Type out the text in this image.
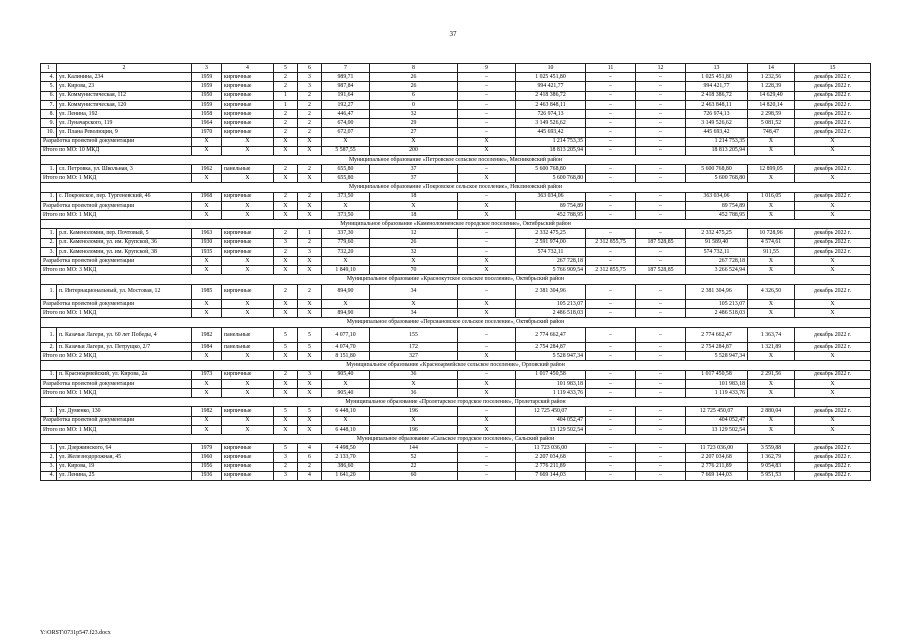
37
1	2	3	4	5	6	7	8	9	10	11	12	13	14	15
4.	ул. Калинина, 234	1959	кирпичные	2	3	989,71	26	–	1 025 451,80	–	–	1 025 451,80	1 232,56	декабрь 2022 г.
5.	ул. Кирова, 23	1959	кирпичные	2	3	987,84	26	–	994 421,77	–	–	994 421,77	1 228,39	декабрь 2022 г.
6.	ул. Коммунистическая, 112	1950	кирпичные	1	2	191,64	6	–	2 418 386,72	–	–	2 418 386,72	14 629,40	декабрь 2022 г.
7.	ул. Коммунистическая, 120	1959	кирпичные	1	2	192,27	0	–	2 463 848,11	–	–	2 463 848,11	14 820,14	декабрь 2022 г.
8.	ул. Ленина, 192	1958	кирпичные	2	2	446,47	32	–	726 974,13	–	–	726 974,13	2 298,59	декабрь 2022 г.
9.	ул. Луначарского, 119	1964	кирпичные	2	2	674,00	29	–	3 149 526,62	–	–	3 149 526,62	5 081,52	декабрь 2022 г.
10.	ул. Плана Революции, 9	1970	кирпичные	2	2	672,07	27	–	445 693,42	–	–	445 693,42	748,47	декабрь 2022 г.
Разработка проектной документации		X	X	X	X	X	X	X	1 214 753,35	–	–	1 214 753,35	X	X
Итого по МО: 10 МКД		X	X	X	X	5 587,55	200	X	18 813 205,94	–	–	18 813 205,94	X	X
Муниципальное образование «Петровское сельское поселение», Мясниковский район														
1.	сл. Петровка, ул. Школьная, 3	1962	панельные	2	2	655,80	37	–	5 600 768,80	–	–	5 600 768,80	12 899,05	декабрь 2022 г.
Итого по МО: 1 МКД		X	X	X	X	655,80	37	X	5 600 768,80	–	–	5 600 768,80	X	X
Муниципальное образование «Покровское сельское поселение», Неклиновский район														
1.	с. Покровское, пер. Тургеневский, 46	1968	кирпичные	2	2	373,50	18	–	363 034,06	–	–	363 034,06	1 016,05	декабрь 2022 г.
Разработка проектной документации		X	X	X	X	X	X	X	89 754,89	–	–	89 754,89	X	X
Итого по МО: 1 МКД		X	X	X	X	373,50	18	X	452 788,95	–	–	452 788,95	X	X
Муниципальное образование «Каменоломненское городское поселение», Октябрьский район														
1.	р.п. Каменоломни, пер. Почтовый, 5	1963	кирпичные	2	1	337,30	12	–	2 332 475,25	–	–	2 332 475,25	10 728,96	декабрь 2022 г.
2.	р.п. Каменоломни, ул. им. Крупской, 36	1930	кирпичные	3	2	779,60	26	–	2 591 974,00	2 312 855,75	187 528,85	91 589,40	4 574,61	декабрь 2022 г.
3.	р.п. Каменоломни, ул. им. Крупской, 38	1935	кирпичные	2	3	732,20	32	–	574 732,11	–	–	574 732,11	911,55	декабрь 2022 г.
Разработка проектной документации		X	X	X	X	X	X	X	267 728,18	–	–	267 728,18	X	X
Итого по МО: 3 МКД		X	X	X	X	1 849,10	70	X	5 766 909,54	2 312 855,75	187 528,85	3 266 524,94	X	X
Муниципальное образование «Краснокутское сельское поселение», Октябрьский район														
1.	п. Интернациональный, ул. Мостовая, 12	1985	кирпичные	2	2	894,90	34	–	2 381 304,96	–	–	2 381 304,96	4 326,50	декабрь 2022 г.
Разработка проектной документации		X	X	X	X	X	X	X	105 213,07	–	–	105 213,07	X	X
Итого по МО: 1 МКД		X	X	X	X	894,90	34	X	2 486 518,03	–	–	2 486 518,03	X	X
Муниципальное образование «Персиановское сельское поселение», Октябрьский район														
1.	п. Казачьи Лагери, ул. 60 лет Победы, 4	1982	панельные	5	5	4 077,10	155	–	2 774 662,47	–	–	2 774 662,47	1 363,74	декабрь 2022 г.
2.	п. Казачьи Лагери, ул. Петрущко, 2/7	1984	панельные	5	5	4 074,70	172	–	2 754 284,87	–	–	2 754 284,87	1 321,89	декабрь 2022 г.
Итого по МО: 2 МКД		X	X	X	X	8 151,80	327	X	5 528 947,34	–	–	5 528 947,34	X	X
Муниципальное образование «Красноармейское сельское поселение», Орловский район														
1.	п. Красноармейский, ул. Кирова, 2а	1973	кирпичные	2	3	905,40	36	–	1 017 450,58	–	–	1 017 450,58	2 291,56	декабрь 2022 г.
Разработка проектной документации		X	X	X	X	X	X	X	101 983,18	–	–	101 983,18	X	X
Итого по МО: 1 МКД		X	X	X	X	905,40	36	X	1 119 433,76	–	–	1 119 433,76	X	X
Муниципальное образование «Пролетарское городское поселение», Пролетарский район														
1.	ул. Думенко, 130	1982	кирпичные	5	5	6 448,10	196	–	12 725 450,07	–	–	12 725 450,07	2 880,04	декабрь 2022 г.
Разработка проектной документации		X	X	X	X	X	X	X	404 052,47	–	–	404 052,47	X	X
Итого по МО: 1 МКД		X	X	X	X	6 448,10	196	X	13 129 502,54	–	–	13 129 502,54	X	X
Муниципальное образование «Сальское городское поселение», Сальский район														
1.	ул. Дзержинского, 64	1979	кирпичные	5	4	4 498,50	144	–	11 723 036,00	–	–	11 723 036,00	3 559,88	декабрь 2022 г.
2.	ул. Железнодорожная, 45	1960	кирпичные	3	6	2 133,70	52	–	2 207 034,68	–	–	2 207 034,68	1 362,79	декабрь 2022 г.
3.	ул. Кирова, 19	1956	кирпичные	2	2	386,60	22	–	2 776 211,89	–	–	2 776 211,89	9 054,83	декабрь 2022 г.
4.	ул. Ленина, 25	1936	кирпичные	3	4	1 641,20	60	–	7 669 144,03	–	–	7 669 144,03	5 951,53	декабрь 2022 г.
Y:\ORST\0731p547.f23.docx
